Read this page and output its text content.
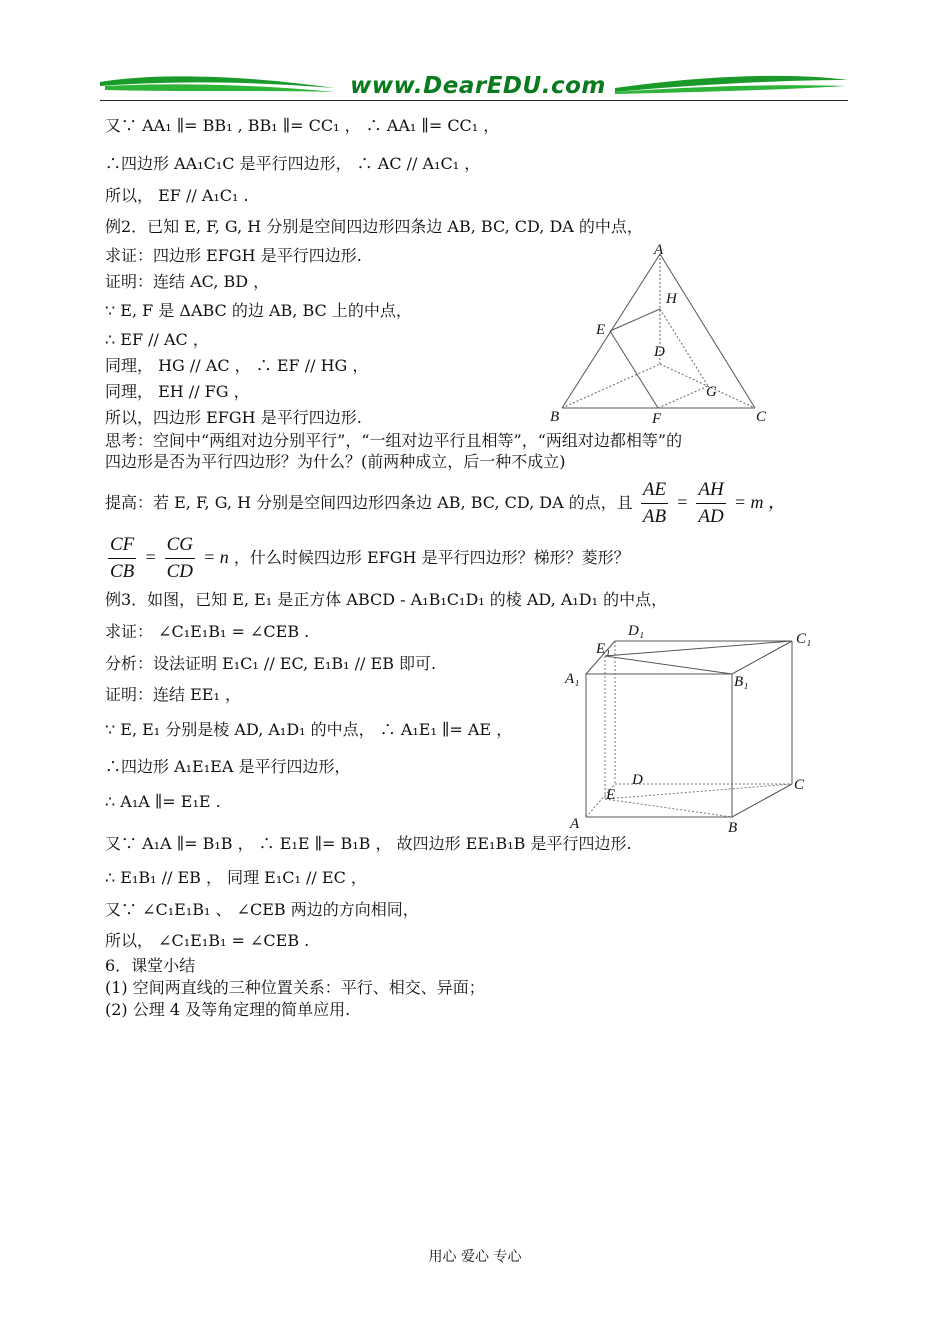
www.DearEDU.com
又∵ AA₁ ∥= BB₁ , BB₁ ∥= CC₁ ， ∴ AA₁ ∥= CC₁ ，
∴四边形 AA₁C₁C 是平行四边形， ∴ AC // A₁C₁ ，
所以， EF // A₁C₁ .
例2．已知 E, F, G, H 分别是空间四边形四条边 AB, BC, CD, DA 的中点，
求证：四边形 EFGH 是平行四边形.
证明：连结 AC, BD ，
∵ E, F 是 ΔABC 的边 AB, BC 上的中点，
∴ EF // AC ，
同理， HG // AC ， ∴ EF // HG ，
同理， EH // FG ，
所以，四边形 EFGH 是平行四边形.
思考：空间中“两组对边分别平行”，“一组对边平行且相等”，“两组对边都相等”的
四边形是否为平行四边形？为什么？(前两种成立，后一种不成立)
提高：若 E, F, G, H 分别是空间四边形四条边 AB, BC, CD, DA 的点，且 $\frac{AE}{AB} = \frac{AH}{AD} = m$ ，
$\frac{CF}{CB} = \frac{CG}{CD} = n$ ，什么时候四边形 EFGH 是平行四边形？梯形？菱形？
例3．如图，已知 E, E₁ 是正方体 ABCD - A₁B₁C₁D₁ 的棱 AD, A₁D₁ 的中点，
求证： ∠C₁E₁B₁ = ∠CEB .
分析：设法证明 E₁C₁ // EC, E₁B₁ // EB 即可.
证明：连结 EE₁ ，
∵ E, E₁ 分别是棱 AD, A₁D₁ 的中点， ∴ A₁E₁ ∥= AE ，
∴四边形 A₁E₁EA 是平行四边形，
∴ A₁A ∥= E₁E .
又∵ A₁A ∥= B₁B ， ∴ E₁E ∥= B₁B ， 故四边形 EE₁B₁B 是平行四边形.
∴ E₁B₁ // EB ， 同理 E₁C₁ // EC ，
又∵ ∠C₁E₁B₁ 、 ∠CEB 两边的方向相同，
所以， ∠C₁E₁B₁ = ∠CEB .
6．课堂小结
(1) 空间两直线的三种位置关系：平行、相交、异面；
(2) 公理 4 及等角定理的简单应用.
A
H
E
D
G
B	F	C
D₁	C₁
E₁
A₁	B₁
D	C
E
A	B
用心 爱心 专心
